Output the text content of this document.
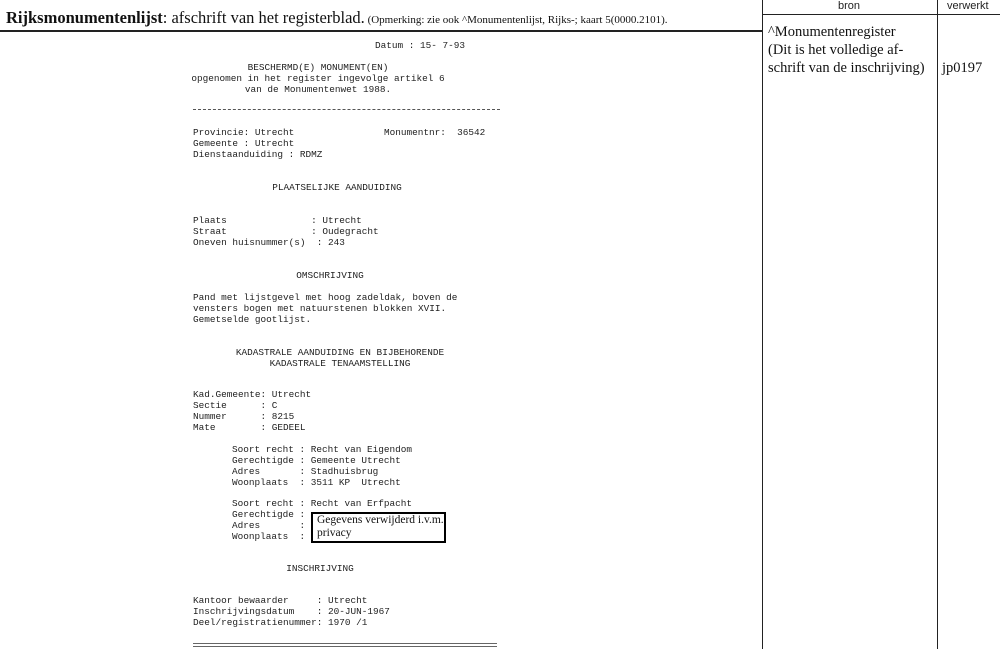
Rijksmonumentenlijst: afschrift van het registerblad. (Opmerking: zie ook ^Monumentenlijst, Rijks-; kaart 5(0000.2101).
bron	verwerkt
^Monumentenregister
(Dit is het volledige af-
schrift van de inschrijving) jp0197
Datum : 15- 7-93
BESCHERMD(E) MONUMENT(EN)
opgenomen in het register ingevolge artikel 6
van de Monumentenwet 1988.
Provincie: Utrecht	Monumentnr:  36542
Gemeente : Utrecht
Dienstaanduiding : RDMZ
PLAATSELIJKE AANDUIDING
Plaats               : Utrecht
Straat               : Oudegracht
Oneven huisnummer(s)  : 243
OMSCHRIJVING
Pand met lijstgevel met hoog zadeldak, boven de
vensters bogen met natuurstenen blokken XVII.
Gemetselde gootlijst.
KADASTRALE AANDUIDING EN BIJBEHORENDE
KADASTRALE TENAAMSTELLING
Kad.Gemeente: Utrecht
Sectie      : C
Nummer      : 8215
Mate        : GEDEEL
Soort recht : Recht van Eigendom
Gerechtigde : Gemeente Utrecht
Adres       : Stadhuisbrug
Woonplaats  : 3511 KP  Utrecht
Soort recht : Recht van Erfpacht
Gerechtigde :
Adres       :
Woonplaats  :
Gegevens verwijderd i.v.m. privacy
INSCHRIJVING
Kantoor bewaarder     : Utrecht
Inschrijvingsdatum    : 20-JUN-1967
Deel/registratienummer: 1970 /1
